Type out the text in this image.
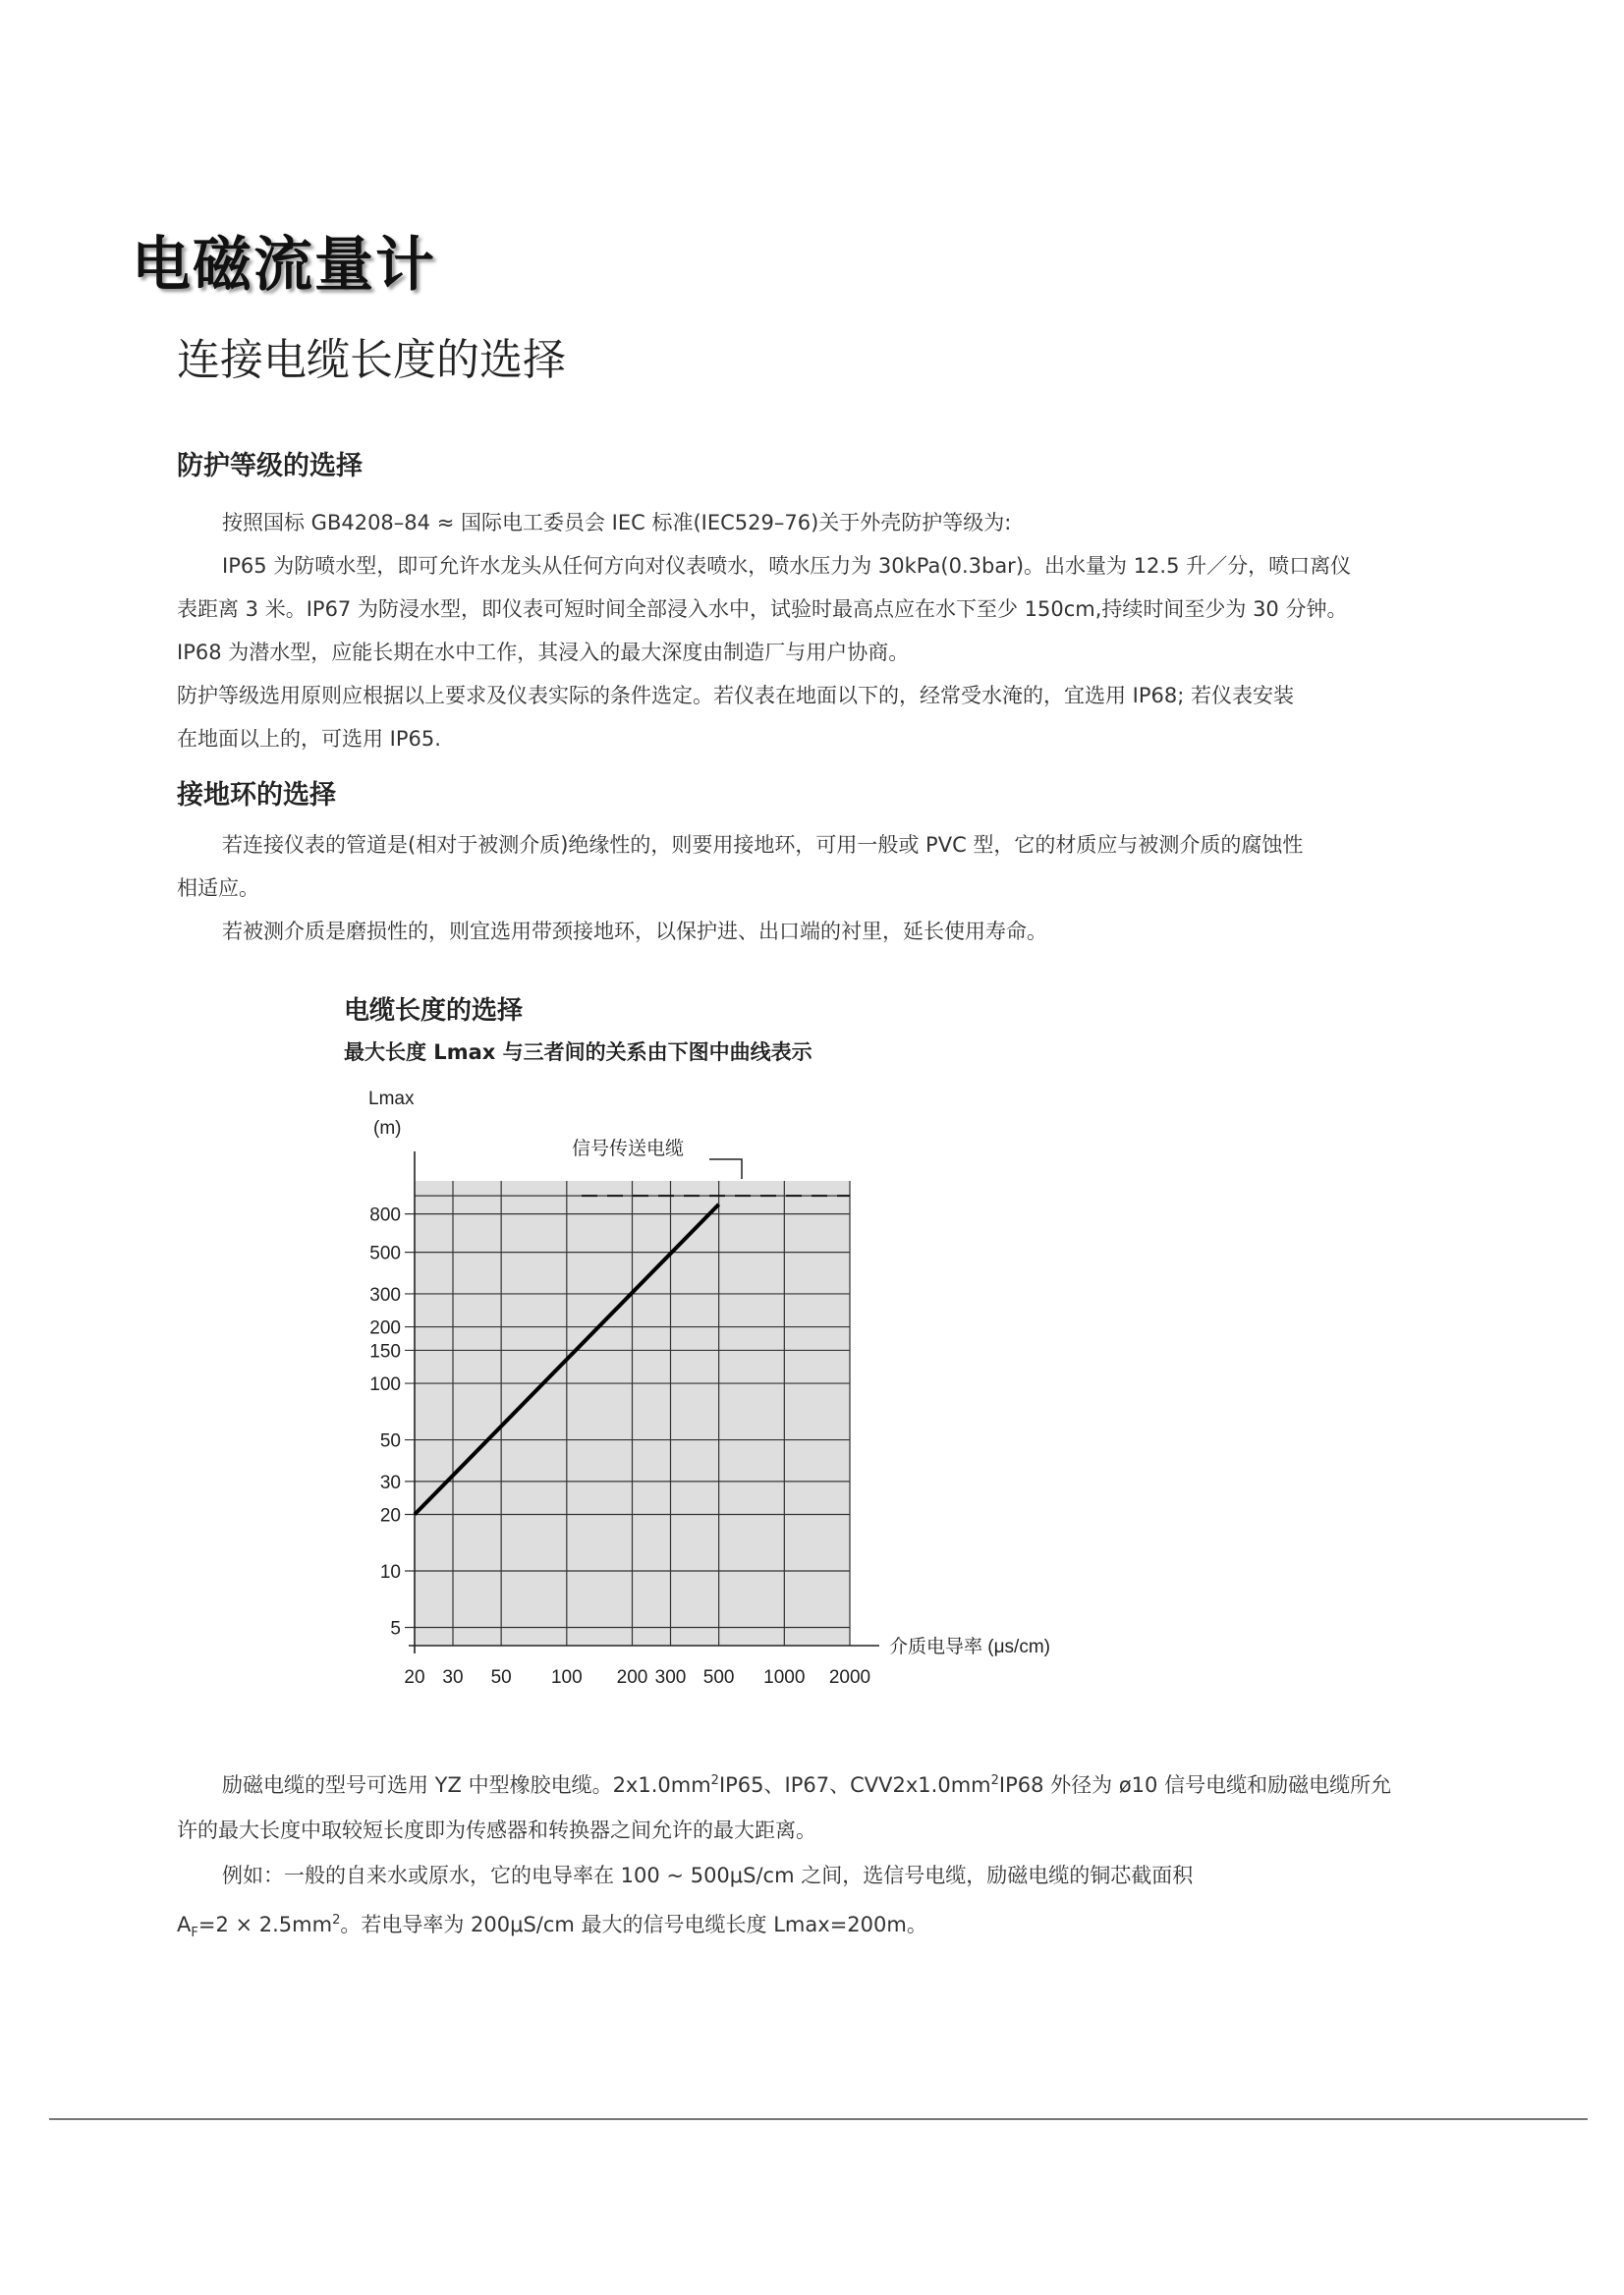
电磁流量计
连接电缆长度的选择
防护等级的选择

按照国标 GB4208–84 ≈ 国际电工委员会 IEC 标准(IEC529–76)关于外壳防护等级为:

IP65 为防喷水型，即可允许水龙头从任何方向对仪表喷水，喷水压力为 30kPa(0.3bar)。出水量为 12.5 升／分，喷口离仪

表距离 3 米。IP67 为防浸水型，即仪表可短时间全部浸入水中，试验时最高点应在水下至少 150cm,持续时间至少为 30 分钟。

IP68 为潜水型，应能长期在水中工作，其浸入的最大深度由制造厂与用户协商。

防护等级选用原则应根据以上要求及仪表实际的条件选定。若仪表在地面以下的，经常受水淹的，宜选用 IP68; 若仪表安装

在地面以上的，可选用 IP65.

接地环的选择

若连接仪表的管道是(相对于被测介质)绝缘性的，则要用接地环，可用一般或 PVC 型，它的材质应与被测介质的腐蚀性

相适应。

若被测介质是磨损性的，则宜选用带颈接地环，以保护进、出口端的衬里，延长使用寿命。

电缆长度的选择
最大长度 Lmax 与三者间的关系由下图中曲线表示
5
10
20
30
50
100
150
200
300
500
800
20 30 50 100 200 300 500 1000 2000
Lmax
(m)
介质电导率 (μs/cm)
信号传送电缆
励磁电缆的型号可选用 YZ 中型橡胶电缆。$2x1.0mm^2IP65$、IP67、$CVV2x1.0mm^2IP68$ 外径为 ø10 信号电缆和励磁电缆所允
许的最大长度中取较短长度即为传感器和转换器之间允许的最大距离。
例如：一般的自来水或原水，它的电导率在 100 ~ 500μS/cm 之间，选信号电缆，励磁电缆的铜芯截面积
$A_F=2 \times 2.5mm^2$。若电导率为 200μS/cm 最大的信号电缆长度 Lmax=200m。
